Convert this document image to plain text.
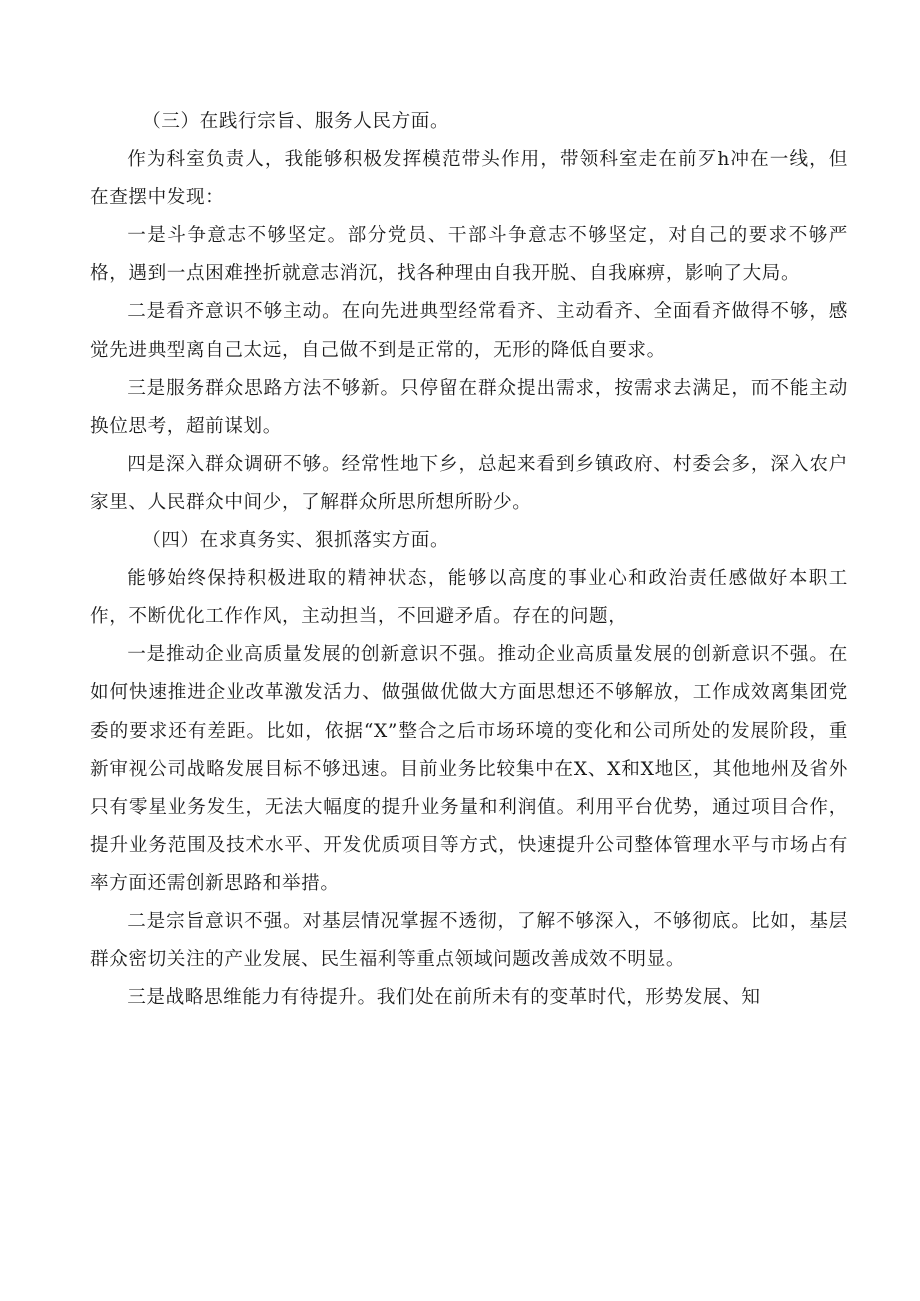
（三）在践行宗旨、服务人民方面。

作为科室负责人，我能够积极发挥模范带头作用，带领科室走在前歹h冲在一线，但在查摆中发现：

一是斗争意志不够坚定。部分党员、干部斗争意志不够坚定，对自己的要求不够严格，遇到一点困难挫折就意志消沉，找各种理由自我开脱、自我麻痹，影响了大局。

二是看齐意识不够主动。在向先进典型经常看齐、主动看齐、全面看齐做得不够，感觉先进典型离自己太远，自己做不到是正常的，无形的降低自要求。

三是服务群众思路方法不够新。只停留在群众提出需求，按需求去满足，而不能主动换位思考，超前谋划。

四是深入群众调研不够。经常性地下乡，总起来看到乡镇政府、村委会多，深入农户家里、人民群众中间少，了解群众所思所想所盼少。

（四）在求真务实、狠抓落实方面。

能够始终保持积极进取的精神状态，能够以高度的事业心和政治责任感做好本职工作，不断优化工作作风，主动担当，不回避矛盾。存在的问题，

一是推动企业高质量发展的创新意识不强。推动企业高质量发展的创新意识不强。在如何快速推进企业改革激发活力、做强做优做大方面思想还不够解放，工作成效离集团党委的要求还有差距。比如，依据“X”整合之后市场环境的变化和公司所处的发展阶段，重新审视公司战略发展目标不够迅速。目前业务比较集中在X、X和X地区，其他地州及省外只有零星业务发生，无法大幅度的提升业务量和利润值。利用平台优势，通过项目合作，提升业务范围及技术水平、开发优质项目等方式，快速提升公司整体管理水平与市场占有率方面还需创新思路和举措。

二是宗旨意识不强。对基层情况掌握不透彻，了解不够深入，不够彻底。比如，基层群众密切关注的产业发展、民生福利等重点领域问题改善成效不明显。

三是战略思维能力有待提升。我们处在前所未有的变革时代，形势发展、知
